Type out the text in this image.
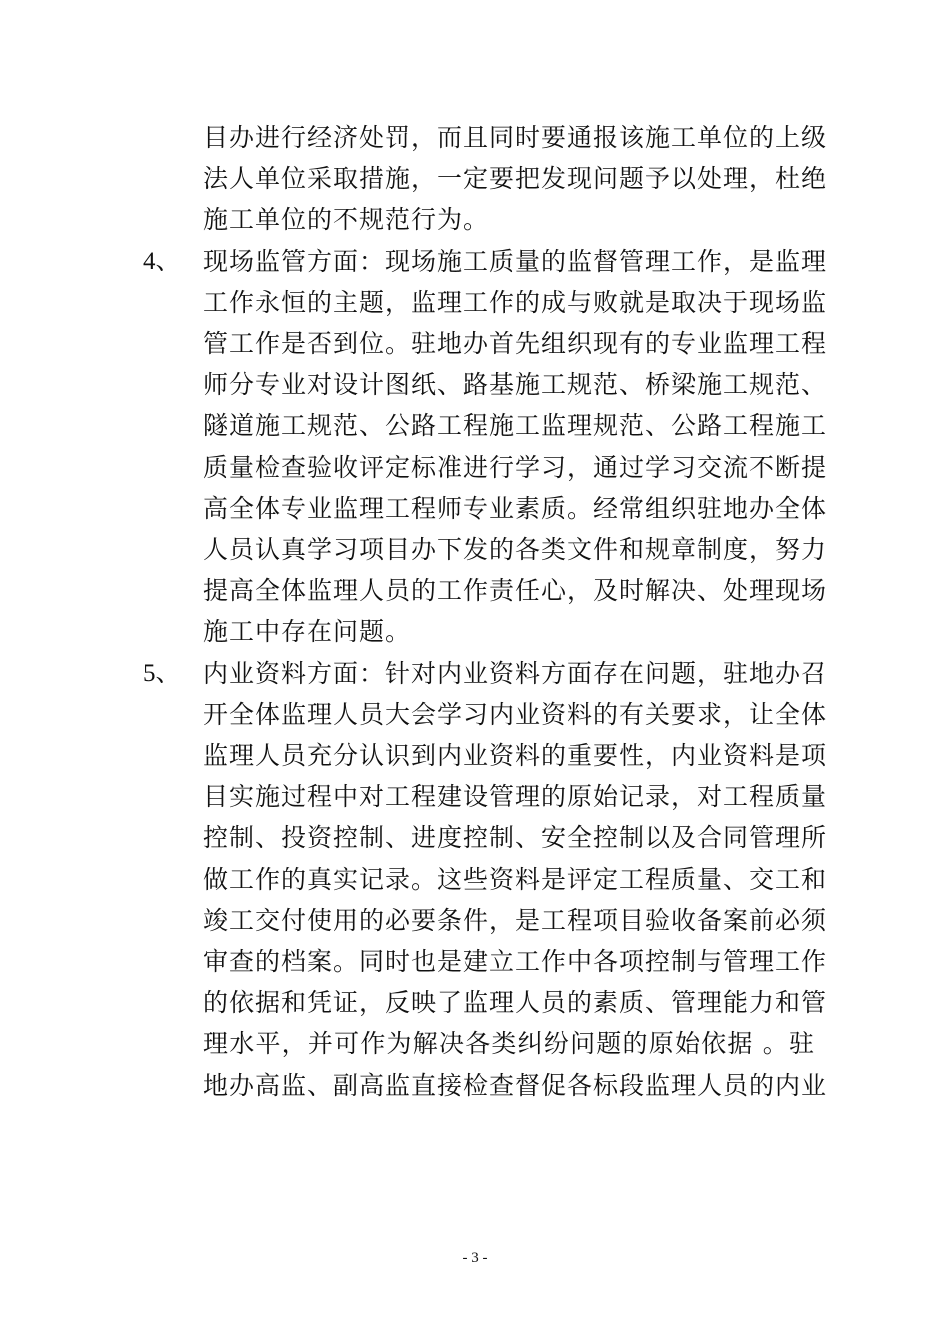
目办进行经济处罚，而且同时要通报该施工单位的上级
法人单位采取措施，一定要把发现问题予以处理，杜绝
施工单位的不规范行为。
4、 现场监管方面：现场施工质量的监督管理工作，是监理
工作永恒的主题，监理工作的成与败就是取决于现场监
管工作是否到位。驻地办首先组织现有的专业监理工程
师分专业对设计图纸、路基施工规范、桥梁施工规范、
隧道施工规范、公路工程施工监理规范、公路工程施工
质量检查验收评定标准进行学习，通过学习交流不断提
高全体专业监理工程师专业素质。经常组织驻地办全体
人员认真学习项目办下发的各类文件和规章制度，努力
提高全体监理人员的工作责任心，及时解决、处理现场
施工中存在问题。
5、 内业资料方面：针对内业资料方面存在问题，驻地办召
开全体监理人员大会学习内业资料的有关要求，让全体
监理人员充分认识到内业资料的重要性，内业资料是项
目实施过程中对工程建设管理的原始记录，对工程质量
控制、投资控制、进度控制、安全控制以及合同管理所
做工作的真实记录。这些资料是评定工程质量、交工和
竣工交付使用的必要条件，是工程项目验收备案前必须
审查的档案。同时也是建立工作中各项控制与管理工作
的依据和凭证，反映了监理人员的素质、管理能力和管
理水平，并可作为解决各类纠纷问题的原始依据 。驻
地办高监、副高监直接检查督促各标段监理人员的内业
- 3 -
